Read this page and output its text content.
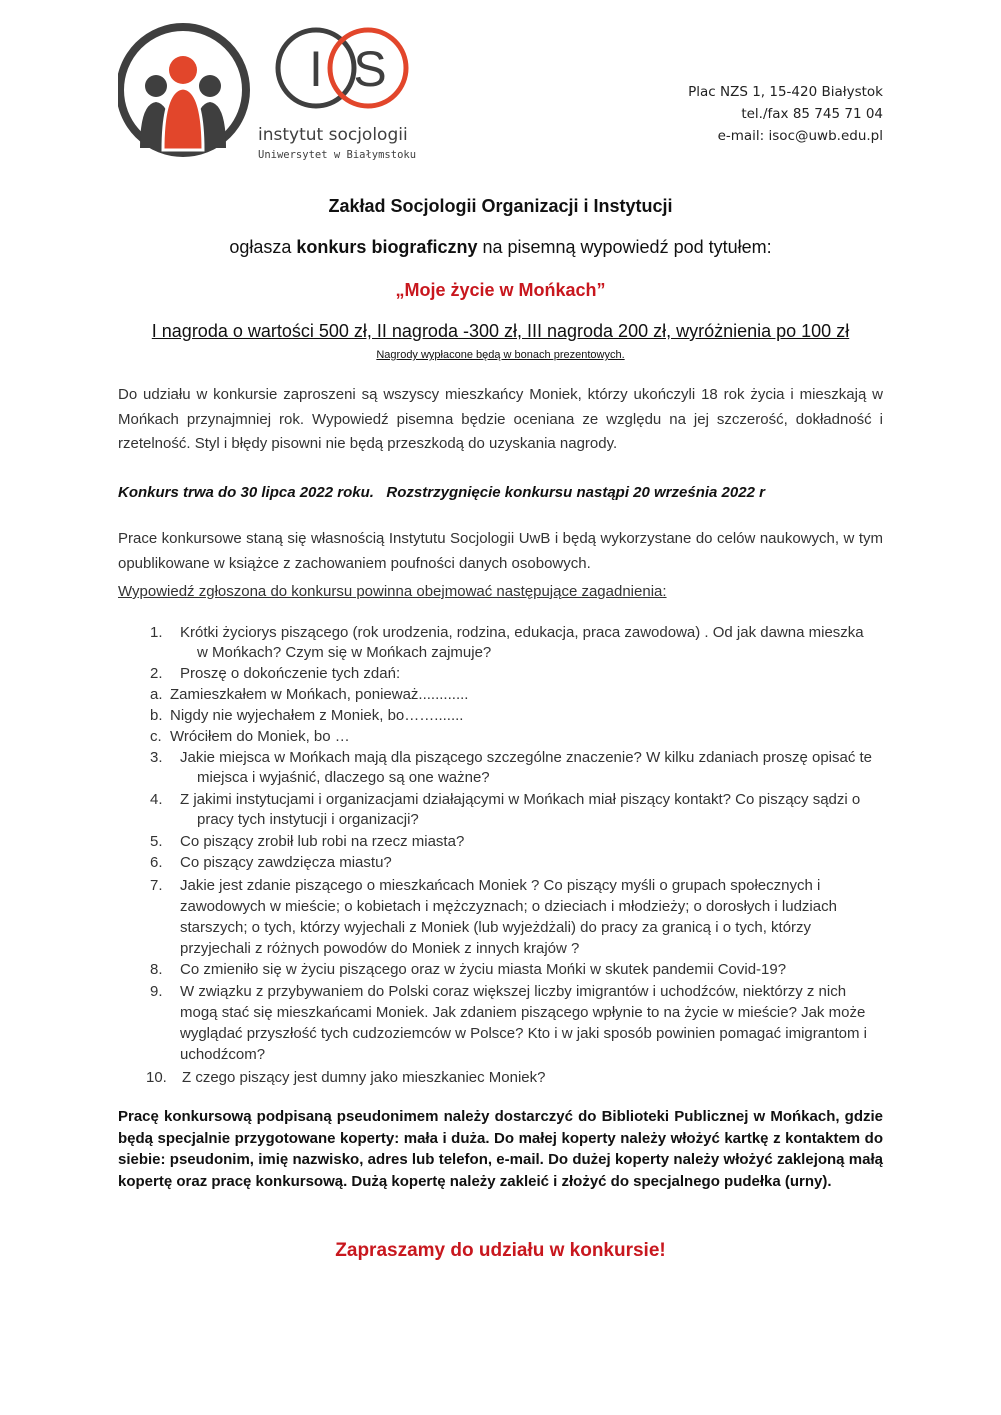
I S
instytut socjologii
Uniwersytet w Białymstoku
Plac NZS 1, 15-420 Białystok
tel./fax 85 745 71 04
e-mail: isoc@uwb.edu.pl
Zakład Socjologii Organizacji i Instytucji
ogłasza konkurs biograficzny na pisemną wypowiedź pod tytułem:
„Moje życie w Mońkach”
I nagroda o wartości 500 zł, II nagroda -300 zł, III nagroda 200 zł, wyróżnienia po 100 zł
Nagrody wypłacone będą w bonach prezentowych.
Do udziału w konkursie zaproszeni są wszyscy mieszkańcy Moniek, którzy ukończyli 18 rok życia i mieszkają w Mońkach przynajmniej rok. Wypowiedź pisemna będzie oceniana ze względu na jej szczerość, dokładność i rzetelność. Styl i błędy pisowni nie będą przeszkodą do uzyskania nagrody.
Konkurs trwa do 30 lipca 2022 roku.   Rozstrzygnięcie konkursu nastąpi 20 września 2022 r
Prace konkursowe staną się własnością Instytutu Socjologii UwB i będą wykorzystane do celów naukowych, w tym opublikowane w książce z zachowaniem poufności danych osobowych.
Wypowiedź zgłoszona do konkursu powinna obejmować następujące zagadnienia:
1. Krótki życiorys piszącego (rok urodzenia, rodzina, edukacja, praca zawodowa) . Od jak dawna mieszka
w Mońkach? Czym się w Mońkach zajmuje?
2. Proszę o dokończenie tych zdań:
a. Zamieszkałem w Mońkach, ponieważ............
b. Nigdy nie wyjechałem z Moniek, bo…….......
c. Wróciłem do Moniek, bo …
3. Jakie miejsca w Mońkach mają dla piszącego szczególne znaczenie? W kilku zdaniach proszę opisać te
miejsca i wyjaśnić, dlaczego są one ważne?
4. Z jakimi instytucjami i organizacjami działającymi w Mońkach miał piszący kontakt? Co piszący sądzi o
pracy tych instytucji i organizacji?
5. Co piszący zrobił lub robi na rzecz miasta?
6. Co piszący zawdzięcza miastu?
7. Jakie jest zdanie piszącego o mieszkańcach Moniek ? Co piszący myśli o grupach społecznych i
zawodowych w mieście; o kobietach i mężczyznach; o dzieciach i młodzieży; o dorosłych i ludziach
starszych; o tych, którzy wyjechali z Moniek (lub wyjeżdżali) do pracy za granicą i o tych, którzy
przyjechali z różnych powodów do Moniek z innych krajów ?
8. Co zmieniło się w życiu piszącego oraz w życiu miasta Mońki w skutek pandemii Covid-19?
9. W związku z przybywaniem do Polski coraz większej liczby imigrantów i uchodźców, niektórzy z nich
mogą stać się mieszkańcami Moniek. Jak zdaniem piszącego wpłynie to na życie w mieście? Jak może
wyglądać przyszłość tych cudzoziemców w Polsce? Kto i w jaki sposób powinien pomagać imigrantom i
uchodźcom?
10. Z czego piszący jest dumny jako mieszkaniec Moniek?
Pracę konkursową podpisaną pseudonimem należy dostarczyć do Biblioteki Publicznej w Mońkach, gdzie będą specjalnie przygotowane koperty: mała i duża. Do małej koperty należy włożyć kartkę z kontaktem do siebie: pseudonim, imię nazwisko, adres lub telefon, e-mail. Do dużej koperty należy włożyć zaklejoną małą kopertę oraz pracę konkursową. Dużą kopertę należy zakleić i złożyć do specjalnego pudełka (urny).
Zapraszamy do udziału w konkursie!
